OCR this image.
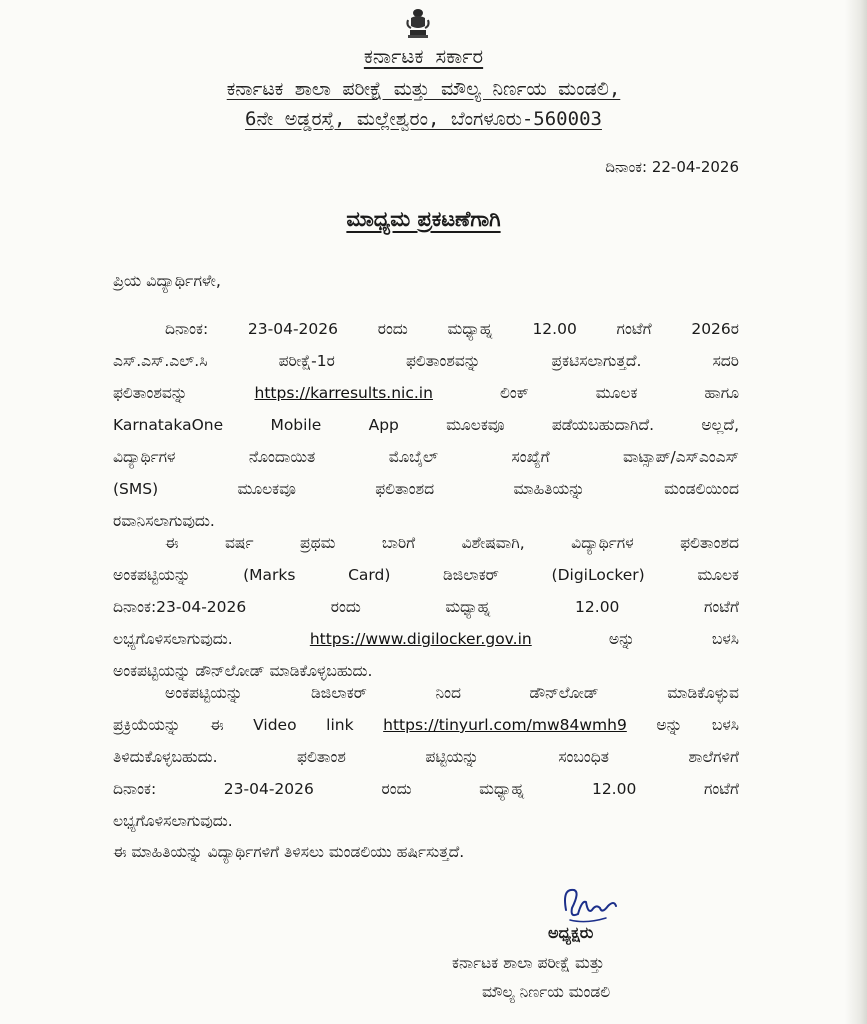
ಕರ್ನಾಟಕ ಸರ್ಕಾರ
ಕರ್ನಾಟಕ ಶಾಲಾ ಪರೀಕ್ಷೆ ಮತ್ತು ಮೌಲ್ಯ ನಿರ್ಣಯ ಮಂಡಲಿ,
6ನೇ ಅಡ್ಡರಸ್ತೆ, ಮಲ್ಲೇಶ್ವರಂ, ಬೆಂಗಳೂರು-560003
ದಿನಾಂಕ: 22-04-2026
ಮಾಧ್ಯಮ ಪ್ರಕಟಣೆಗಾಗಿ
ಪ್ರಿಯ ವಿದ್ಯಾರ್ಥಿಗಳೇ,
ದಿನಾಂಕ: 23-04-2026 ರಂದು ಮಧ್ಯಾಹ್ನ 12.00 ಗಂಟೆಗೆ 2026ರ
ಎಸ್.ಎಸ್.ಎಲ್.ಸಿ ಪರೀಕ್ಷೆ-1ರ ಫಲಿತಾಂಶವನ್ನು ಪ್ರಕಟಿಸಲಾಗುತ್ತದೆ. ಸದರಿ
ಫಲಿತಾಂಶವನ್ನು	https://karresults.nic.in	ಲಿಂಕ್ ಮೂಲಕ ಹಾಗೂ
KarnatakaOne Mobile App ಮೂಲಕವೂ ಪಡೆಯಬಹುದಾಗಿದೆ. ಅಲ್ಲದೆ,
ವಿದ್ಯಾರ್ಥಿಗಳ ನೊಂದಾಯಿತ ಮೊಬೈಲ್ ಸಂಖ್ಯೆಗೆ ವಾಟ್ಸಾಪ್/ಎಸ್‌ಎಂಎಸ್
(SMS) ಮೂಲಕವೂ ಫಲಿತಾಂಶದ ಮಾಹಿತಿಯನ್ನು ಮಂಡಲಿಯಿಂದ
ರವಾನಿಸಲಾಗುವುದು.
ಈ ವರ್ಷ ಪ್ರಥಮ ಬಾರಿಗೆ ವಿಶೇಷವಾಗಿ, ವಿದ್ಯಾರ್ಥಿಗಳ ಫಲಿತಾಂಶದ
ಅಂಕಪಟ್ಟಿಯನ್ನು (Marks Card) ಡಿಜಿಲಾಕರ್ (DigiLocker) ಮೂಲಕ
ದಿನಾಂಕ:23-04-2026 ರಂದು ಮಧ್ಯಾಹ್ನ 12.00 ಗಂಟೆಗೆ
ಲಭ್ಯಗೊಳಿಸಲಾಗುವುದು.	https://www.digilocker.gov.in	ಅನ್ನು ಬಳಸಿ
ಅಂಕಪಟ್ಟಿಯನ್ನು ಡೌನ್‌ಲೋಡ್ ಮಾಡಿಕೊಳ್ಳಬಹುದು.
ಅಂಕಪಟ್ಟಿಯನ್ನು ಡಿಜಿಲಾಕರ್ ನಿಂದ ಡೌನ್‌ಲೋಡ್ ಮಾಡಿಕೊಳ್ಳುವ
ಪ್ರಕ್ರಿಯೆಯನ್ನು ಈ Video link https://tinyurl.com/mw84wmh9 ಅನ್ನು ಬಳಸಿ
ತಿಳಿದುಕೊಳ್ಳಬಹುದು. ಫಲಿತಾಂಶ ಪಟ್ಟಿಯನ್ನು ಸಂಬಂಧಿತ ಶಾಲೆಗಳಿಗೆ
ದಿನಾಂಕ: 23-04-2026 ರಂದು ಮಧ್ಯಾಹ್ನ 12.00 ಗಂಟೆಗೆ
ಲಭ್ಯಗೊಳಿಸಲಾಗುವುದು.
ಈ ಮಾಹಿತಿಯನ್ನು ವಿದ್ಯಾರ್ಥಿಗಳಿಗೆ ತಿಳಿಸಲು ಮಂಡಲಿಯು ಹರ್ಷಿಸುತ್ತದೆ.
ಅಧ್ಯಕ್ಷರು
ಕರ್ನಾಟಕ ಶಾಲಾ ಪರೀಕ್ಷೆ ಮತ್ತು
ಮೌಲ್ಯ ನಿರ್ಣಯ ಮಂಡಲಿ
